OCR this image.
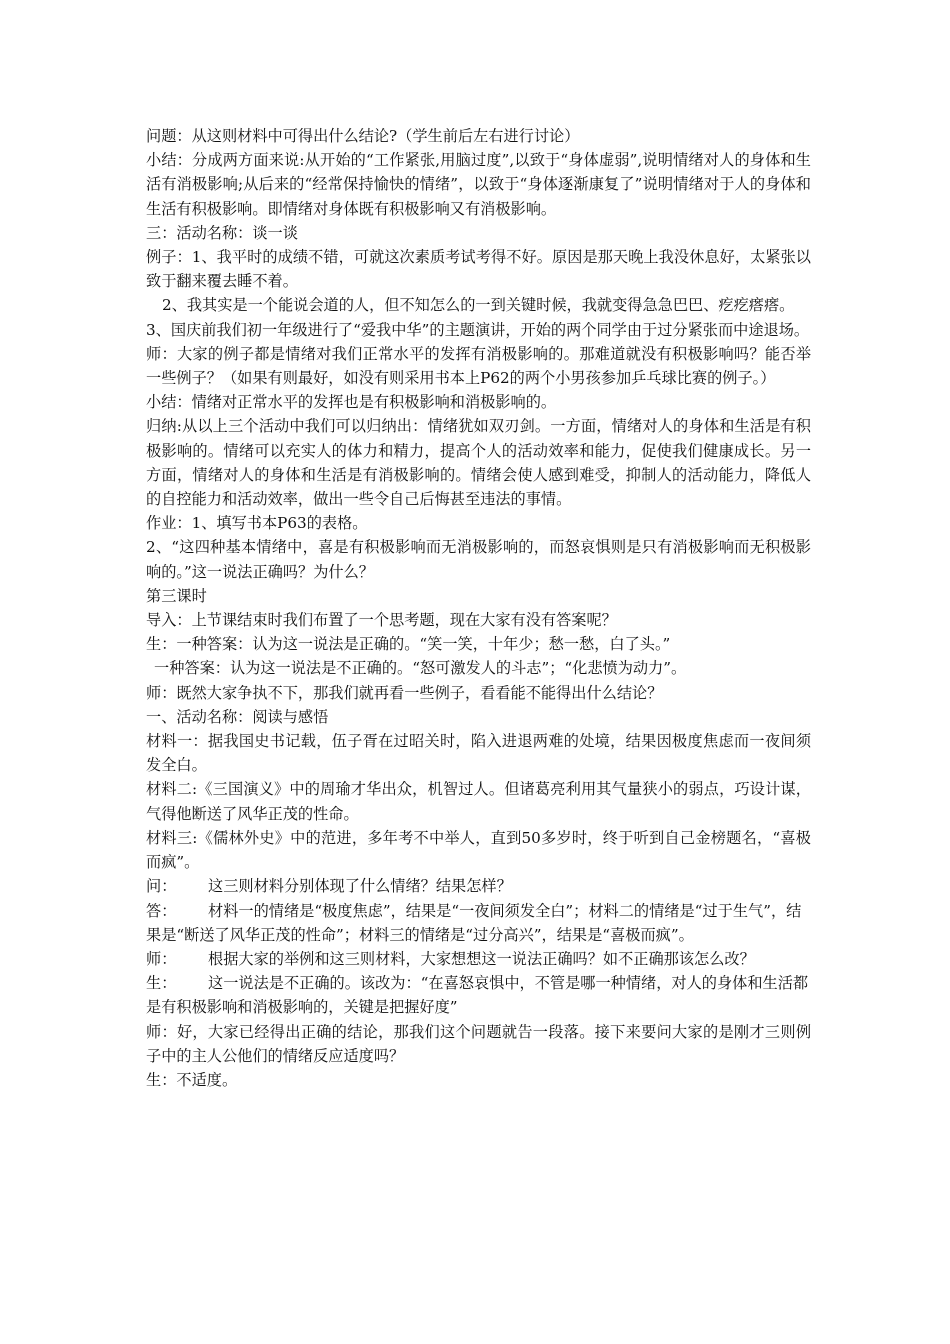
问题：从这则材料中可得出什么结论?（学生前后左右进行讨论）

小结：分成两方面来说:从开始的“工作紧张,用脑过度”,以致于“身体虚弱”,说明情绪对人的身体和生活有消极影响;从后来的“经常保持愉快的情绪”，以致于“身体逐渐康复了”说明情绪对于人的身体和生活有积极影响。即情绪对身体既有积极影响又有消极影响。

三：活动名称：谈一谈

例子：1、我平时的成绩不错，可就这次素质考试考得不好。原因是那天晚上我没休息好，太紧张以致于翻来覆去睡不着。

2、我其实是一个能说会道的人，但不知怎么的一到关键时候，我就变得急急巴巴、疙疙瘩瘩。

3、国庆前我们初一年级进行了“爱我中华”的主题演讲，开始的两个同学由于过分紧张而中途退场。

师：大家的例子都是情绪对我们正常水平的发挥有消极影响的。那难道就没有积极影响吗？能否举一些例子？（如果有则最好，如没有则采用书本上P62的两个小男孩参加乒乓球比赛的例子。）

小结：情绪对正常水平的发挥也是有积极影响和消极影响的。

归纳:从以上三个活动中我们可以归纳出：情绪犹如双刃剑。一方面，情绪对人的身体和生活是有积极影响的。情绪可以充实人的体力和精力，提高个人的活动效率和能力，促使我们健康成长。另一方面，情绪对人的身体和生活是有消极影响的。情绪会使人感到难受，抑制人的活动能力，降低人的自控能力和活动效率，做出一些令自己后悔甚至违法的事情。

作业：1、填写书本P63的表格。

2、“这四种基本情绪中，喜是有积极影响而无消极影响的，而怒哀惧则是只有消极影响而无积极影响的。”这一说法正确吗？为什么？

第三课时

导入：上节课结束时我们布置了一个思考题，现在大家有没有答案呢？

生：一种答案：认为这一说法是正确的。“笑一笑，十年少；愁一愁，白了头。”

一种答案：认为这一说法是不正确的。“怒可激发人的斗志”；“化悲愤为动力”。

师：既然大家争执不下，那我们就再看一些例子，看看能不能得出什么结论？

一、活动名称：阅读与感悟

材料一：据我国史书记载，伍子胥在过昭关时，陷入进退两难的处境，结果因极度焦虑而一夜间须发全白。

材料二:《三国演义》中的周瑜才华出众，机智过人。但诸葛亮利用其气量狭小的弱点，巧设计谋，气得他断送了风华正茂的性命。

材料三:《儒林外史》中的范进，多年考不中举人，直到50多岁时，终于听到自己金榜题名，“喜极而疯”。

问：	这三则材料分别体现了什么情绪？结果怎样？
答： 材料一的情绪是“极度焦虑”，结果是“一夜间须发全白”；材料二的情绪是“过于生气”，结果是“断送了风华正茂的性命”；材料三的情绪是“过分高兴”，结果是“喜极而疯”。
师：	根据大家的举例和这三则材料，大家想想这一说法正确吗？如不正确那该怎么改？
生： 这一说法是不正确的。该改为：“在喜怒哀惧中，不管是哪一种情绪，对人的身体和生活都是有积极影响和消极影响的，关键是把握好度”

师：好，大家已经得出正确的结论，那我们这个问题就告一段落。接下来要问大家的是刚才三则例子中的主人公他们的情绪反应适度吗？

生：不适度。
